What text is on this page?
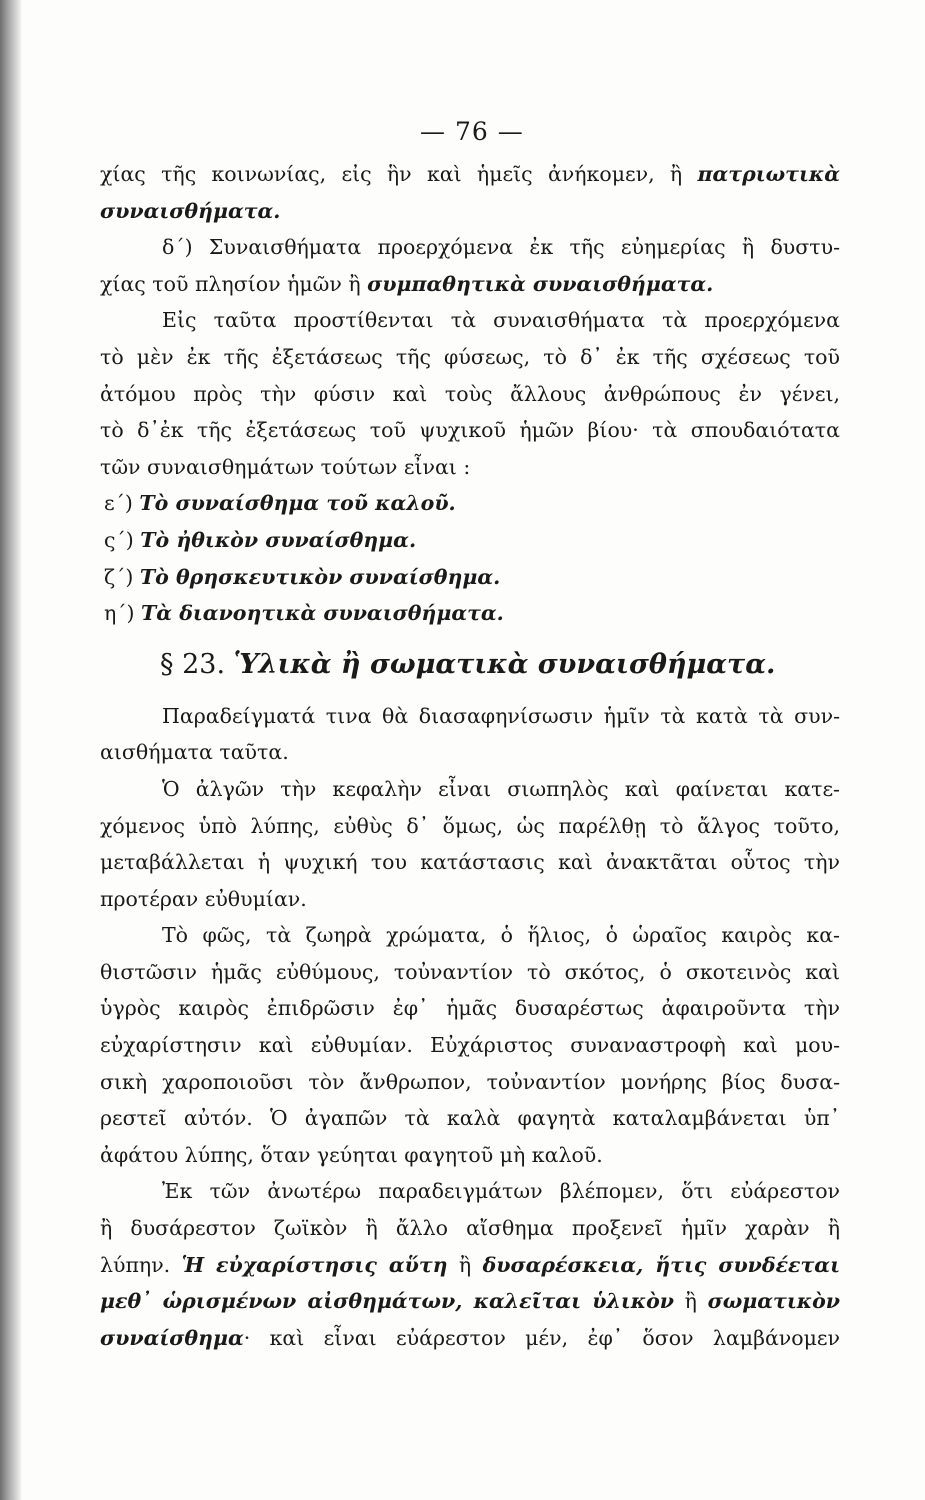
— 76 —
χίας τῆς κοινωνίας, εἰς ἣν καὶ ἡμεῖς ἀνήκομεν, ἢ πατριωτικὰ
συναισθήματα.
δ΄) Συναισθήματα προερχόμενα ἐκ τῆς εὐημερίας ἢ δυστυ-
χίας τοῦ πλησίον ἡμῶν ἢ συμπαθητικὰ συναισθήματα.
Εἰς ταῦτα προστίθενται τὰ συναισθήματα τὰ προερχόμενα
τὸ μὲν ἐκ τῆς ἐξετάσεως τῆς φύσεως, τὸ δ᾿ ἐκ τῆς σχέσεως τοῦ
ἀτόμου πρὸς τὴν φύσιν καὶ τοὺς ἄλλους ἀνθρώπους ἐν γένει,
τὸ δ᾿ἐκ τῆς ἐξετάσεως τοῦ ψυχικοῦ ἡμῶν βίου· τὰ σπουδαιότατα
τῶν συναισθημάτων τούτων εἶναι :
ε΄) Τὸ συναίσθημα τοῦ καλοῦ.
ς΄) Τὸ ἠθικὸν συναίσθημα.
ζ΄) Τὸ θρησκευτικὸν συναίσθημα.
η΄) Τὰ διανοητικὰ συναισθήματα.
§ 23. Ὑλικὰ ἢ σωματικὰ συναισθήματα.
Παραδείγματά τινα θὰ διασαφηνίσωσιν ἡμῖν τὰ κατὰ τὰ συν-
αισθήματα ταῦτα.
Ὁ ἀλγῶν τὴν κεφαλὴν εἶναι σιωπηλὸς καὶ φαίνεται κατε-
χόμενος ὑπὸ λύπης, εὐθὺς δ᾿ ὅμως, ὡς παρέλθῃ τὸ ἄλγος τοῦτο,
μεταβάλλεται ἡ ψυχική του κατάστασις καὶ ἀνακτᾶται οὗτος τὴν
προτέραν εὐθυμίαν.
Τὸ φῶς, τὰ ζωηρὰ χρώματα, ὁ ἥλιος, ὁ ὡραῖος καιρὸς κα-
θιστῶσιν ἡμᾶς εὐθύμους, τοὐναντίον τὸ σκότος, ὁ σκοτεινὸς καὶ
ὑγρὸς καιρὸς ἐπιδρῶσιν ἐφ᾿ ἡμᾶς δυσαρέστως ἀφαιροῦντα τὴν
εὐχαρίστησιν καὶ εὐθυμίαν. Εὐχάριστος συναναστροφὴ καὶ μου-
σικὴ χαροποιοῦσι τὸν ἄνθρωπον, τοὐναντίον μονήρης βίος δυσα-
ρεστεῖ αὐτόν. Ὁ ἀγαπῶν τὰ καλὰ φαγητὰ καταλαμβάνεται ὑπ᾿
ἀφάτου λύπης, ὅταν γεύηται φαγητοῦ μὴ καλοῦ.
Ἐκ τῶν ἀνωτέρω παραδειγμάτων βλέπομεν, ὅτι εὐάρεστον
ἢ δυσάρεστον ζωϊκὸν ἢ ἄλλο αἴσθημα προξενεῖ ἡμῖν χαρὰν ἢ
λύπην. Ἡ εὐχαρίστησις αὕτη ἢ δυσαρέσκεια, ἥτις συνδέεται
μεθ᾿ ὡρισμένων αἰσθημάτων, καλεῖται ὑλικὸν ἢ σωματικὸν
συναίσθημα· καὶ εἶναι εὐάρεστον μέν, ἐφ᾿ ὅσον λαμβάνομεν
